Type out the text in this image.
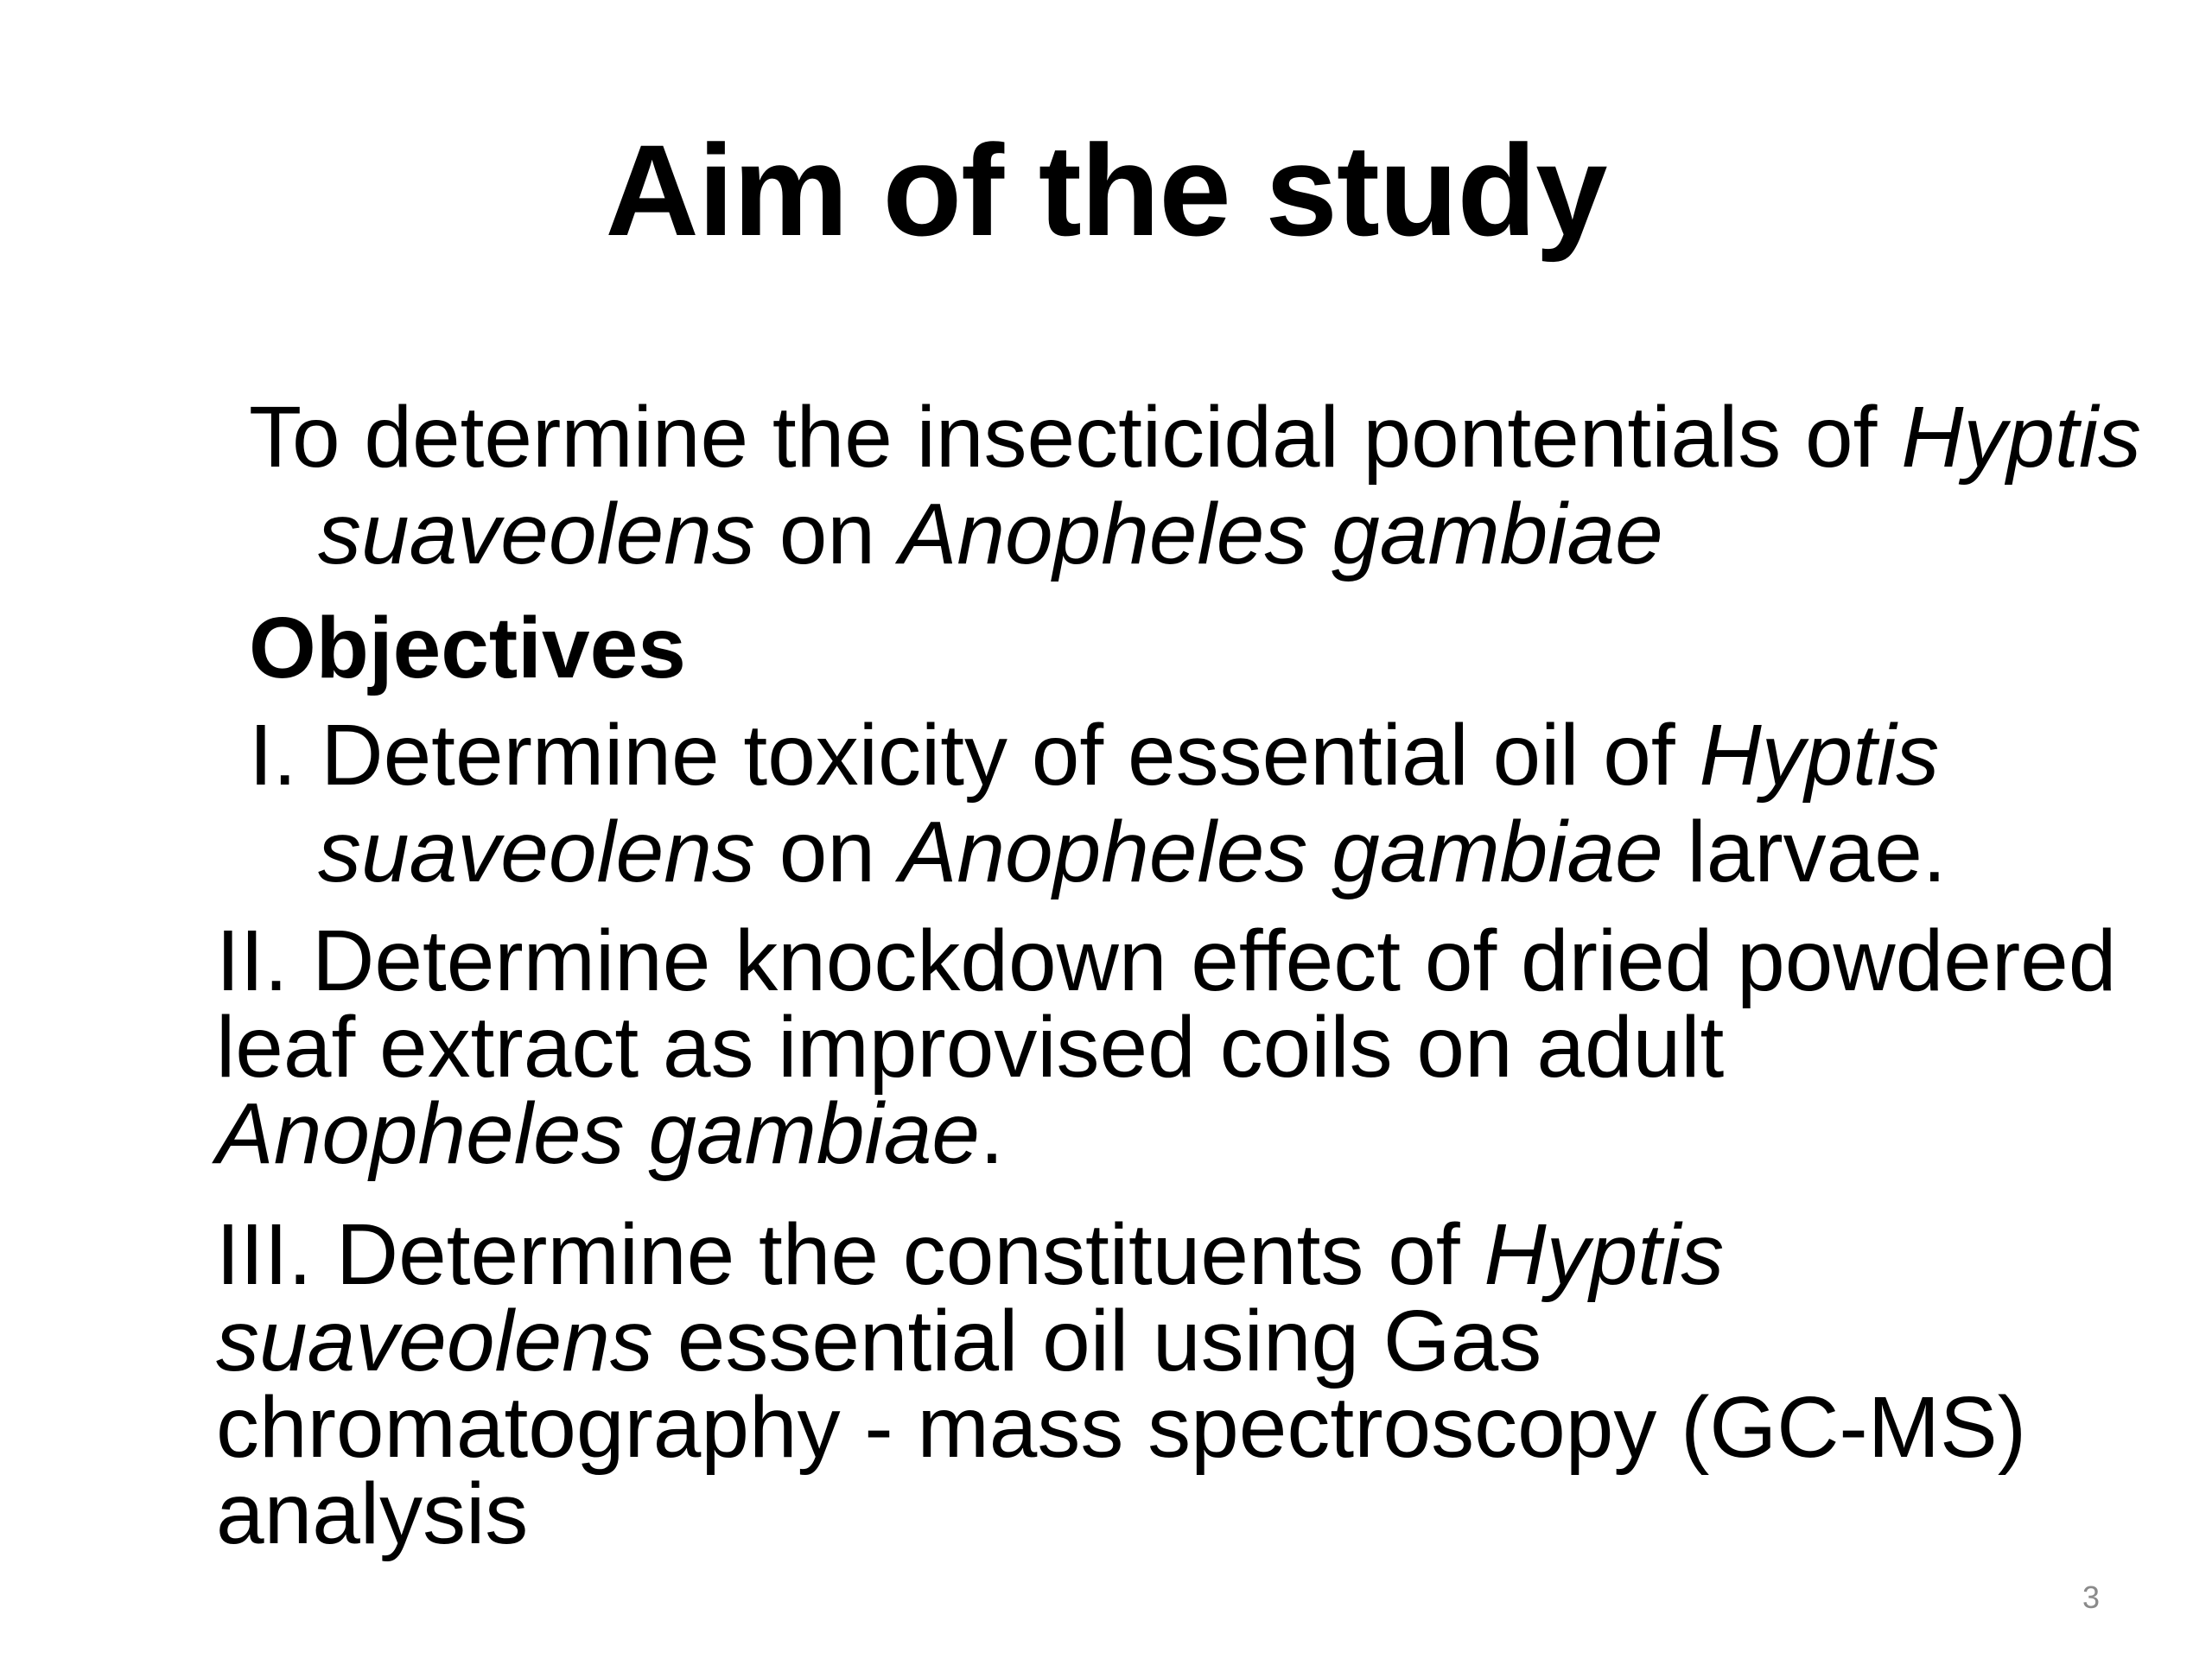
Aim of the study

To determine the insecticidal pontentials of Hyptis suaveolens on Anopheles gambiae

Objectives

I. Determine toxicity of essential oil of Hyptis suaveolens on Anopheles gambiae larvae.

II. Determine knockdown effect of dried powdered leaf extract as improvised coils on adult Anopheles gambiae.

III. Determine the constituents of Hyptis suaveolens essential oil using Gas chromatography - mass spectroscopy (GC-MS) analysis

3
